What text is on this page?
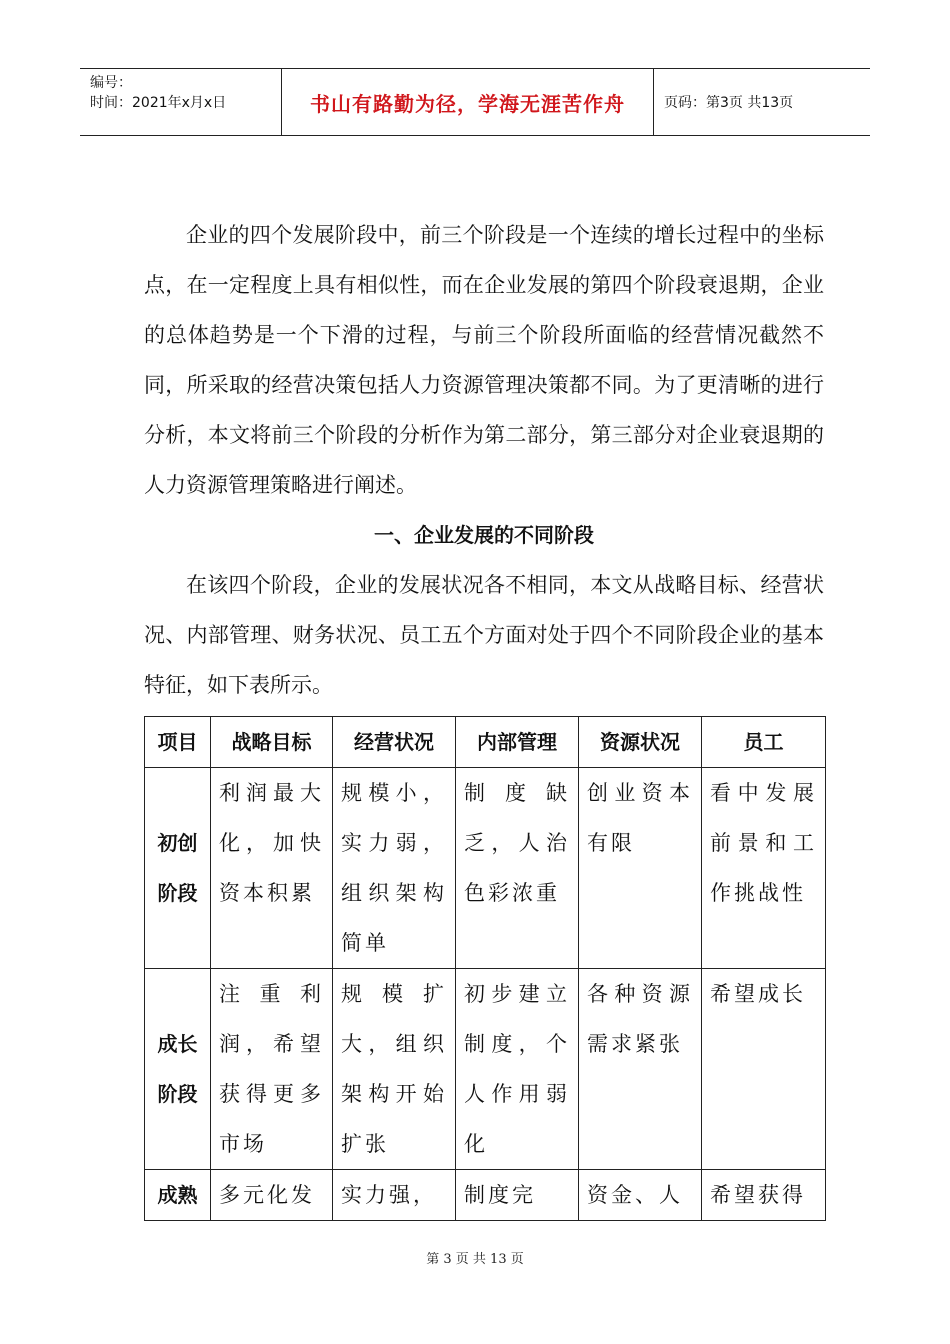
编号：
时间：2021年x月x日	书山有路勤为径，学海无涯苦作舟	页码：第3页 共13页

企业的四个发展阶段中，前三个阶段是一个连续的增长过程中的坐标点，在一定程度上具有相似性，而在企业发展的第四个阶段衰退期，企业的总体趋势是一个下滑的过程，与前三个阶段所面临的经营情况截然不同，所采取的经营决策包括人力资源管理决策都不同。为了更清晰的进行分析，本文将前三个阶段的分析作为第二部分，第三部分对企业衰退期的人力资源管理策略进行阐述。

一、企业发展的不同阶段

在该四个阶段，企业的发展状况各不相同，本文从战略目标、经营状况、内部管理、财务状况、员工五个方面对处于四个不同阶段企业的基本特征，如下表所示。

项目	战略目标	经营状况	内部管理	资源状况	员工
初创阶段	利润最大化，加快资本积累	规模小，实力弱，组织架构简单	制度缺乏，人治色彩浓重	创业资本有限	看中发展前景和工作挑战性
成长阶段	注重利润，希望获得更多市场	规模扩大，组织架构开始扩张	初步建立制度，个人作用弱化	各种资源需求紧张	希望成长
成熟	多元化发	实力强，	制度完	资金、人	希望获得
第 3 页 共 13 页
